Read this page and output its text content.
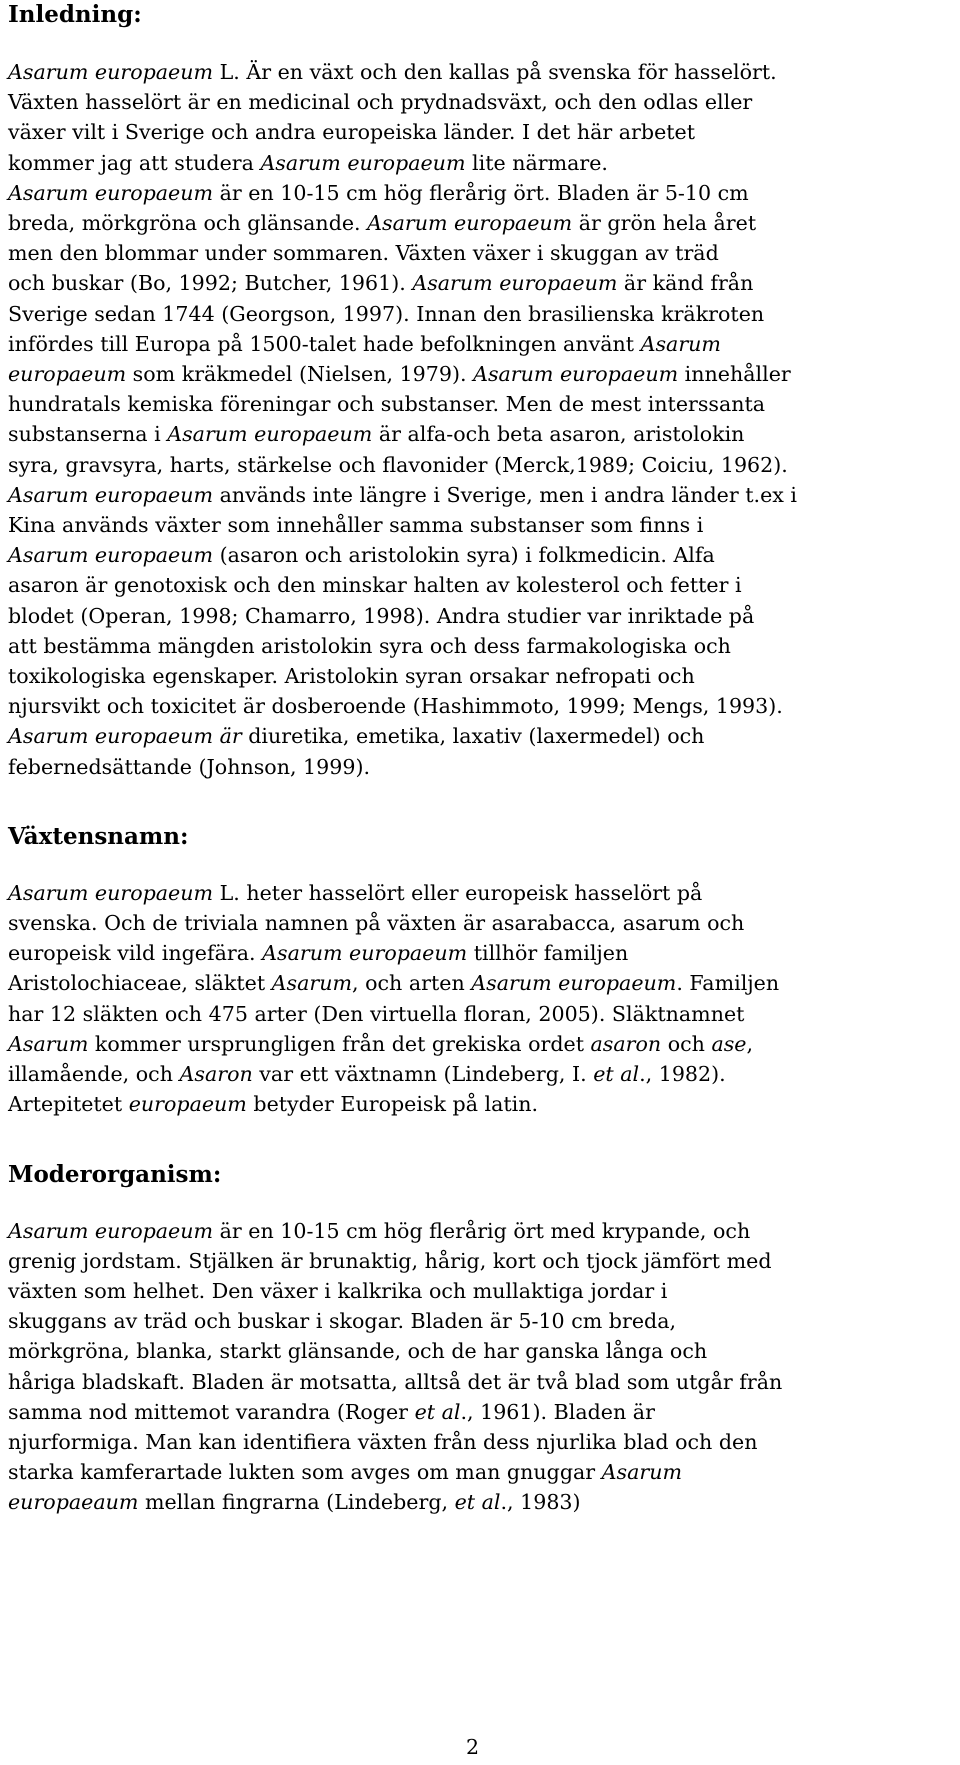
Inledning:

Asarum europaeum L. Är en växt och den kallas på svenska för hasselört.
Växten hasselört är en medicinal och prydnadsväxt, och den odlas eller
växer vilt i Sverige och andra europeiska länder. I det här arbetet
kommer jag att studera Asarum europaeum lite närmare.
Asarum europaeum är en 10-15 cm hög flerårig ört. Bladen är 5-10 cm
breda, mörkgröna och glänsande. Asarum europaeum är grön hela året
men den blommar under sommaren. Växten växer i skuggan av träd
och buskar (Bo, 1992; Butcher, 1961). Asarum europaeum är känd från
Sverige sedan 1744 (Georgson, 1997). Innan den brasilienska kräkroten
infördes till Europa på 1500-talet hade befolkningen använt Asarum
europaeum som kräkmedel (Nielsen, 1979). Asarum europaeum innehåller
hundratals kemiska föreningar och substanser. Men de mest interssanta
substanserna i Asarum europaeum är alfa-och beta asaron, aristolokin
syra, gravsyra, harts, stärkelse och flavonider (Merck,1989; Coiciu, 1962).
Asarum europaeum används inte längre i Sverige, men i andra länder t.ex i
Kina används växter som innehåller samma substanser som finns i
Asarum europaeum (asaron och aristolokin syra) i folkmedicin. Alfa
asaron är genotoxisk och den minskar halten av kolesterol och fetter i
blodet (Operan, 1998; Chamarro, 1998). Andra studier var inriktade på
att bestämma mängden aristolokin syra och dess farmakologiska och
toxikologiska egenskaper. Aristolokin syran orsakar nefropati och
njursvikt och toxicitet är dosberoende (Hashimmoto, 1999; Mengs, 1993).
Asarum europaeum är diuretika, emetika, laxativ (laxermedel) och
febernedsättande (Johnson, 1999).

Växtensnamn:

Asarum europaeum L. heter hasselört eller europeisk hasselört på
svenska. Och de triviala namnen på växten är asarabacca, asarum och
europeisk vild ingefära. Asarum europaeum tillhör familjen
Aristolochiaceae, släktet Asarum, och arten Asarum europaeum. Familjen
har 12 släkten och 475 arter (Den virtuella floran, 2005). Släktnamnet
Asarum kommer ursprungligen från det grekiska ordet asaron och ase,
illamående, och Asaron var ett växtnamn (Lindeberg, I. et al., 1982).
Artepitetet europaeum betyder Europeisk på latin.

Moderorganism:

Asarum europaeum är en 10-15 cm hög flerårig ört med krypande, och
grenig jordstam. Stjälken är brunaktig, hårig, kort och tjock jämfört med
växten som helhet. Den växer i kalkrika och mullaktiga jordar i
skuggans av träd och buskar i skogar. Bladen är 5-10 cm breda,
mörkgröna, blanka, starkt glänsande, och de har ganska långa och
håriga bladskaft. Bladen är motsatta, alltså det är två blad som utgår från
samma nod mittemot varandra (Roger et al., 1961). Bladen är
njurformiga. Man kan identifiera växten från dess njurlika blad och den
starka kamferartade lukten som avges om man gnuggar Asarum
europaeaum mellan fingrarna (Lindeberg, et al., 1983)

2
